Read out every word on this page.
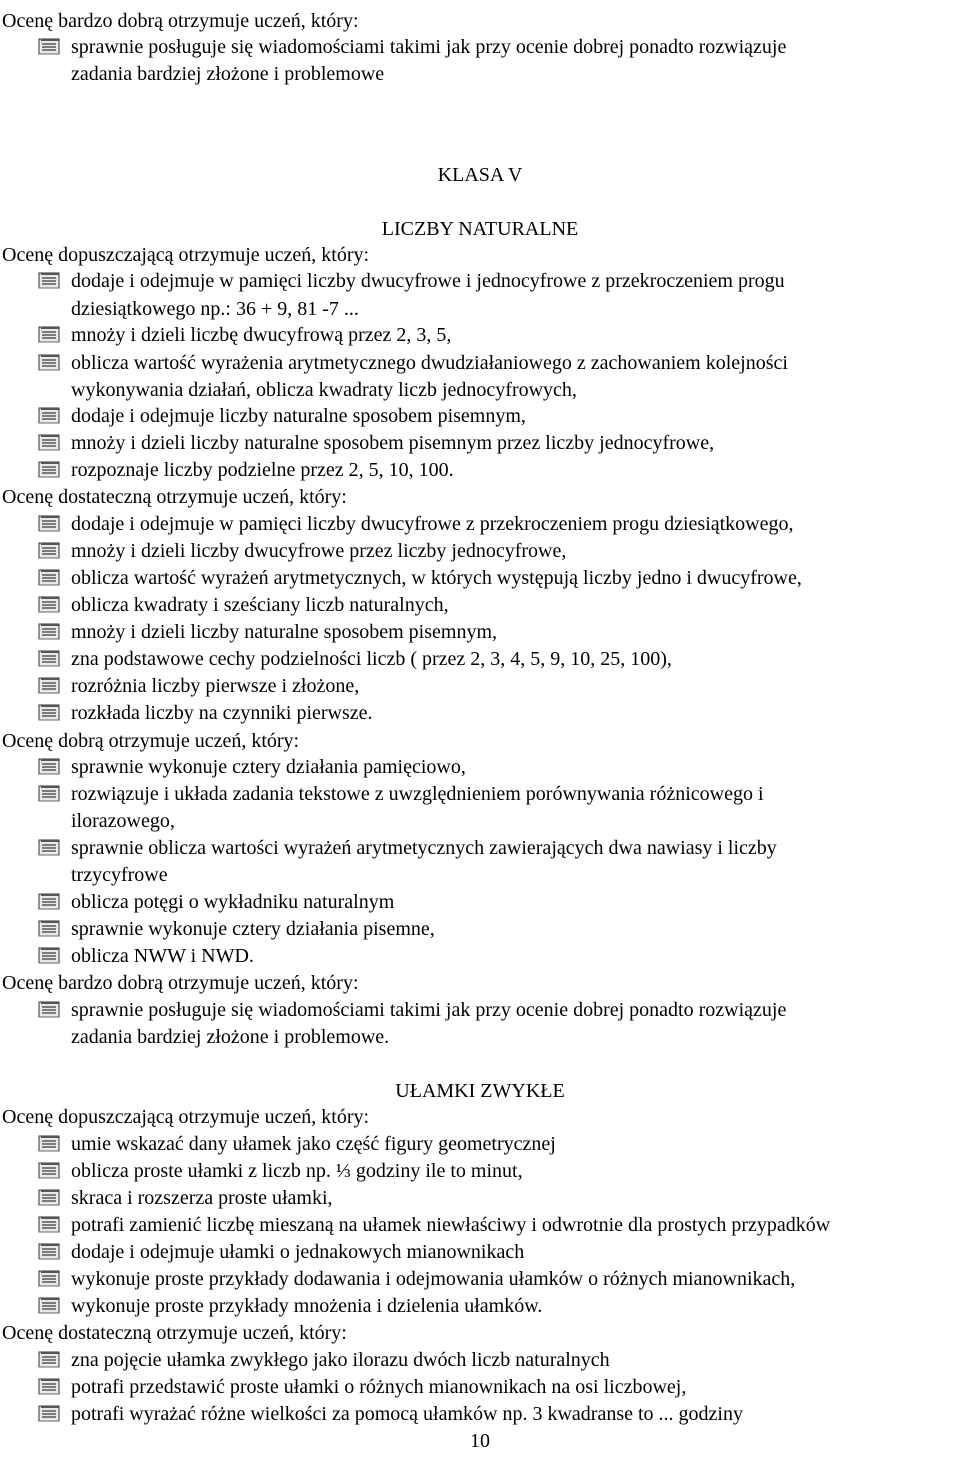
Ocenę bardzo dobrą otrzymuje uczeń, który:
sprawnie posługuje się wiadomościami takimi jak przy ocenie dobrej ponadto rozwiązuje
zadania bardziej złożone i problemowe
KLASA V
LICZBY NATURALNE
Ocenę dopuszczającą otrzymuje uczeń, który:
dodaje i odejmuje w pamięci liczby dwucyfrowe i jednocyfrowe z przekroczeniem progu
dziesiątkowego np.: 36 + 9, 81 -7 ...
mnoży i dzieli liczbę dwucyfrową przez 2, 3, 5,
oblicza wartość wyrażenia arytmetycznego dwudziałaniowego z zachowaniem kolejności
wykonywania działań, oblicza kwadraty liczb jednocyfrowych,
dodaje i odejmuje liczby naturalne sposobem pisemnym,
mnoży i dzieli liczby naturalne sposobem pisemnym przez liczby jednocyfrowe,
rozpoznaje liczby podzielne przez 2, 5, 10, 100.
Ocenę dostateczną otrzymuje uczeń, który:
dodaje i odejmuje w pamięci liczby dwucyfrowe z przekroczeniem progu dziesiątkowego,
mnoży i dzieli liczby dwucyfrowe przez liczby jednocyfrowe,
oblicza wartość wyrażeń arytmetycznych, w których występują liczby jedno i dwucyfrowe,
oblicza kwadraty i sześciany liczb naturalnych,
mnoży i dzieli liczby naturalne sposobem pisemnym,
zna podstawowe cechy podzielności liczb ( przez 2, 3, 4, 5, 9, 10, 25, 100),
rozróżnia liczby pierwsze i złożone,
rozkłada liczby na czynniki pierwsze.
Ocenę dobrą otrzymuje uczeń, który:
sprawnie wykonuje cztery działania pamięciowo,
rozwiązuje i układa zadania tekstowe z uwzględnieniem porównywania różnicowego i
ilorazowego,
sprawnie oblicza wartości wyrażeń arytmetycznych zawierających dwa nawiasy i liczby
trzycyfrowe
oblicza potęgi o wykładniku naturalnym
sprawnie wykonuje cztery działania pisemne,
oblicza NWW i NWD.
Ocenę bardzo dobrą otrzymuje uczeń, który:
sprawnie posługuje się wiadomościami takimi jak przy ocenie dobrej ponadto rozwiązuje
zadania bardziej złożone i problemowe.
UŁAMKI ZWYKŁE
Ocenę dopuszczającą otrzymuje uczeń, który:
umie wskazać dany ułamek jako część figury geometrycznej
oblicza proste ułamki z liczb np. ⅓ godziny ile to minut,
skraca i rozszerza proste ułamki,
potrafi zamienić liczbę mieszaną na ułamek niewłaściwy i odwrotnie dla prostych przypadków
dodaje i odejmuje ułamki o jednakowych mianownikach
wykonuje proste przykłady dodawania i odejmowania ułamków o różnych mianownikach,
wykonuje proste przykłady mnożenia i dzielenia ułamków.
Ocenę dostateczną otrzymuje uczeń, który:
zna pojęcie ułamka zwykłego jako ilorazu dwóch liczb naturalnych
potrafi przedstawić proste ułamki o różnych mianownikach na osi liczbowej,
potrafi wyrażać różne wielkości za pomocą ułamków np. 3 kwadranse to ... godziny
10
